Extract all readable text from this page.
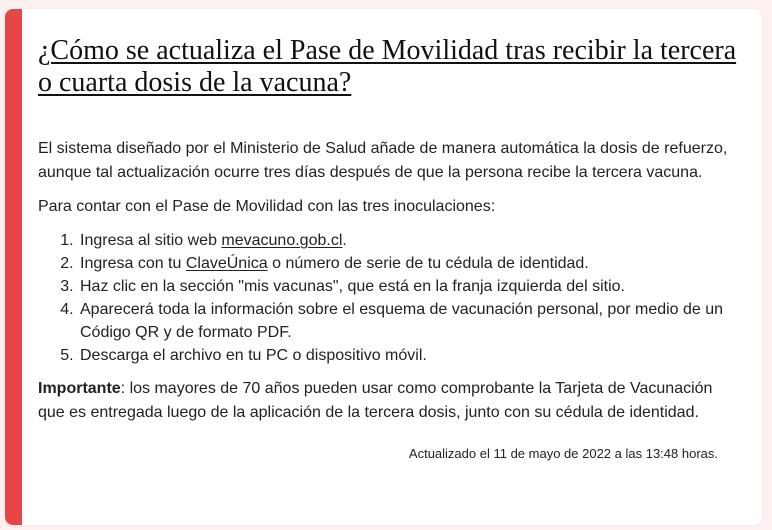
¿Cómo se actualiza el Pase de Movilidad tras recibir la tercera o cuarta dosis de la vacuna?

El sistema diseñado por el Ministerio de Salud añade de manera automática la dosis de refuerzo, aunque tal actualización ocurre tres días después de que la persona recibe la tercera vacuna.

Para contar con el Pase de Movilidad con las tres inoculaciones:

1. Ingresa al sitio web mevacuno.gob.cl.
2. Ingresa con tu ClaveÚnica o número de serie de tu cédula de identidad.
3. Haz clic en la sección "mis vacunas", que está en la franja izquierda del sitio.
4. Aparecerá toda la información sobre el esquema de vacunación personal, por medio de un Código QR y de formato PDF.
5. Descarga el archivo en tu PC o dispositivo móvil.

Importante: los mayores de 70 años pueden usar como comprobante la Tarjeta de Vacunación que es entregada luego de la aplicación de la tercera dosis, junto con su cédula de identidad.

Actualizado el 11 de mayo de 2022 a las 13:48 horas.
